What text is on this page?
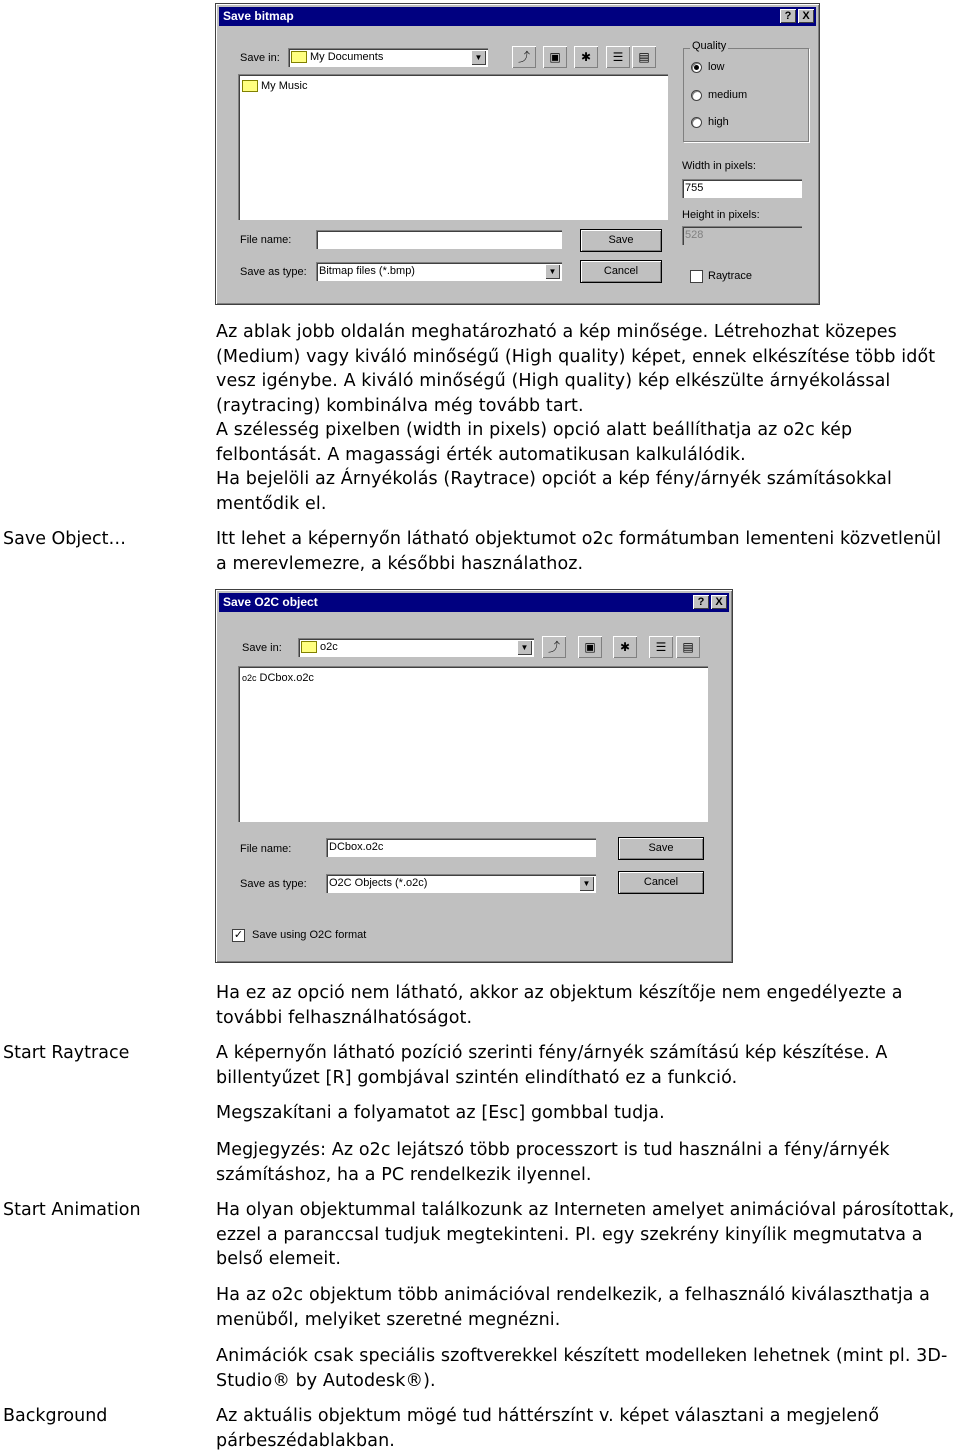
Save bitmap	? X
Save in:	My Documents	▼	⤴	▣	✱	☰	▤
My Music
File name:	Save
Save as type: Bitmap files (*.bmp)	▼	Cancel
Quality
low
medium
high
Width in pixels:
755
Height in pixels:
528
Raytrace
Az ablak jobb oldalán meghatározható a kép minősége. Létrehozhat közepes (Medium) vagy kiváló minőségű (High quality) képet, ennek elkészítése több időt vesz igénybe. A kiváló minőségű (High quality) kép elkészülte árnyékolással (raytracing) kombinálva még tovább tart.
A szélesség pixelben (width in pixels) opció alatt beállíthatja az o2c kép felbontását. A magassági érték automatikusan kalkulálódik.
Ha bejelöli az Árnyékolás (Raytrace) opciót a kép fény/árnyék számításokkal mentődik el.
Save Object…	Itt lehet a képernyőn látható objektumot o2c formátumban lementeni közvetlenül a merevlemezre, a későbbi használathoz.
Save O2C object	? X
Save in:	o2c	▼	⤴	▣	✱	☰	▤
o2c DCbox.o2c
File name:	DCbox.o2c	Save
Save as type: O2C Objects (*.o2c)	▼	Cancel
✓ Save using O2C format
Ha ez az opció nem látható, akkor az objektum készítője nem engedélyezte a további felhasználhatóságot.
Start Raytrace	A képernyőn látható pozíció szerinti fény/árnyék számítású kép készítése. A billentyűzet [R] gombjával szintén elindítható ez a funkció.
Megszakítani a folyamatot az [Esc] gombbal tudja.
Megjegyzés: Az o2c lejátszó több processzort is tud használni a fény/árnyék számításhoz, ha a PC rendelkezik ilyennel.
Start Animation	Ha olyan objektummal találkozunk az Interneten amelyet animációval párosítottak, ezzel a paranccsal tudjuk megtekinteni. Pl. egy szekrény kinyílik megmutatva a belső elemeit.
Ha az o2c objektum több animációval rendelkezik, a felhasználó kiválaszthatja a menüből, melyiket szeretné megnézni.
Animációk csak speciális szoftverekkel készített modelleken lehetnek (mint pl. 3D-Studio® by Autodesk®).
Background	Az aktuális objektum mögé tud háttérszínt v. képet választani a megjelenő párbeszédablakban.
